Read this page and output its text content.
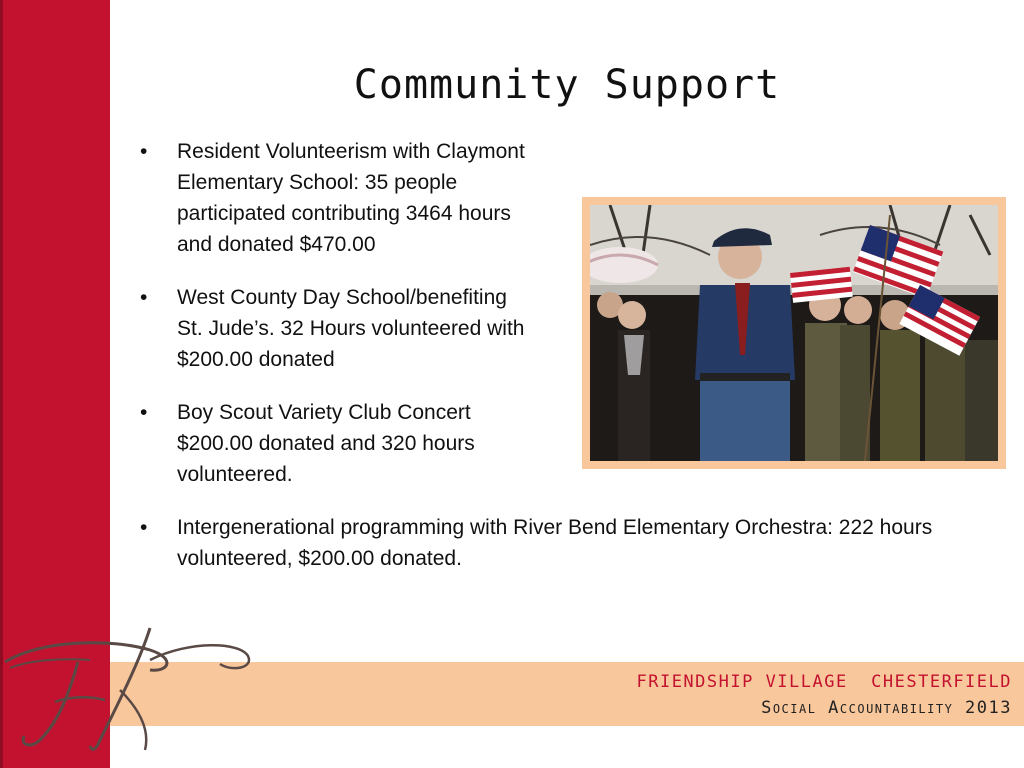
FRIENDSHIP VILLAGE  CHESTERFIELD
Social Accountability 2013
FV
Community Support
• Resident Volunteerism with Claymont Elementary School: 35 people participated contributing 3464 hours and donated $470.00
• West County Day School/benefiting St. Jude’s. 32 Hours volunteered with $200.00 donated
• Boy Scout Variety Club Concert $200.00 donated and 320 hours volunteered.
• Intergenerational programming with River Bend Elementary Orchestra: 222 hours volunteered, $200.00 donated.
